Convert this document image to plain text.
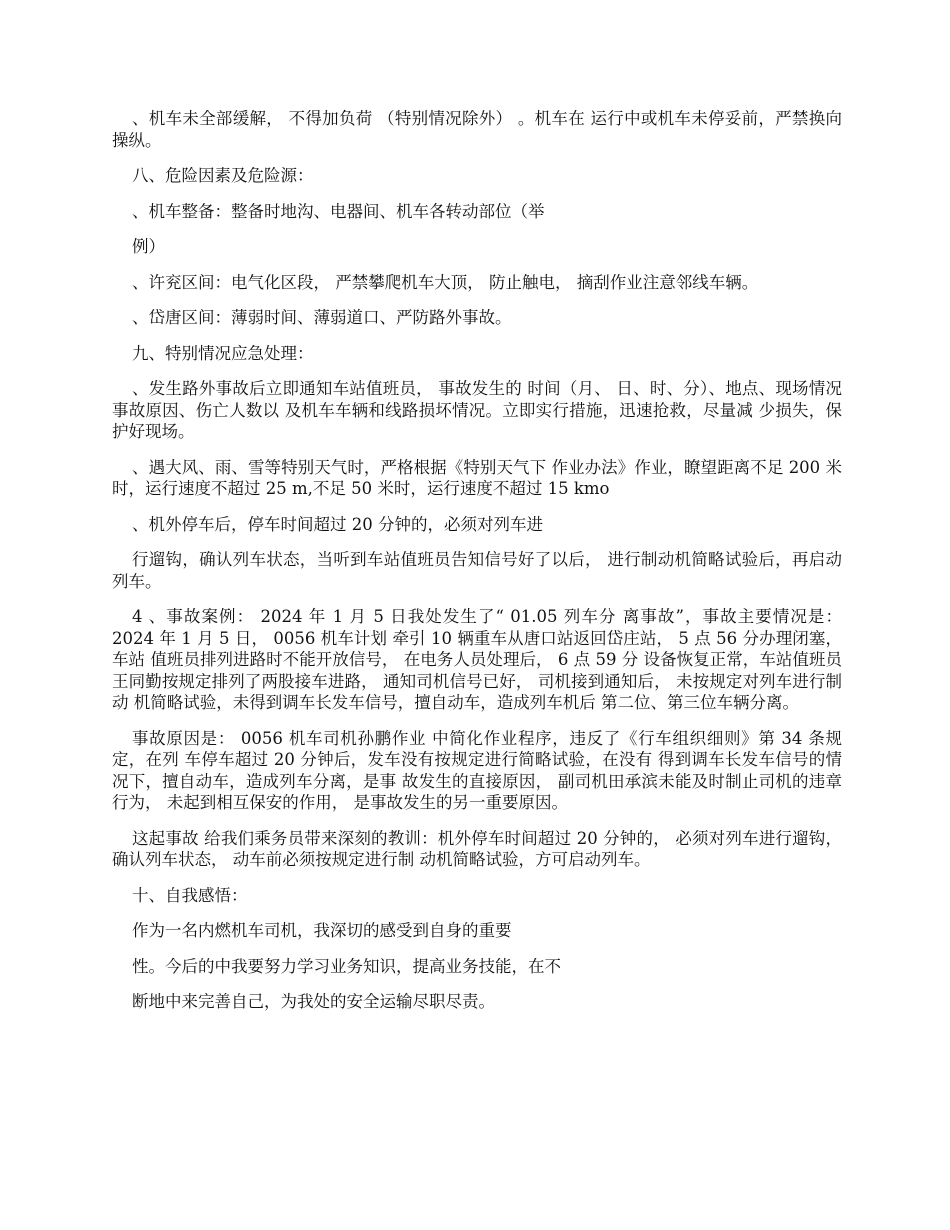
、机车未全部缓解， 不得加负荷 （特别情况除外） 。机车在 运行中或机车未停妥前，严禁换向操纵。

八、危险因素及危险源：

、机车整备：整备时地沟、电器间、机车各转动部位（举

例）

、许兖区间：电气化区段， 严禁攀爬机车大顶， 防止触电， 摘刮作业注意邻线车辆。

、岱唐区间：薄弱时间、薄弱道口、严防路外事故。

九、特别情况应急处理：

、发生路外事故后立即通知车站值班员， 事故发生的 时间（月、 日、时、分）、地点、现场情况事故原因、伤亡人数以 及机车车辆和线路损坏情况。立即实行措施，迅速抢救，尽量减 少损失，保护好现场。

、遇大风、雨、雪等特别天气时，严格根据《特别天气下 作业办法》作业，瞭望距离不足 200 米时，运行速度不超过 25 m,不足 50 米时，运行速度不超过 15 kmo

、机外停车后，停车时间超过 20 分钟的，必须对列车进

行遛钩，确认列车状态，当听到车站值班员告知信号好了以后， 进行制动机简略试验后，再启动列车。

4 、事故案例： 2024 年 1 月 5 日我处发生了“ 01.05 列车分 离事故”，事故主要情况是： 2024 年 1 月 5 日， 0056 机车计划 牵引 10 辆重车从唐口站返回岱庄站， 5 点 56 分办理闭塞，车站 值班员排列进路时不能开放信号， 在电务人员处理后， 6 点 59 分 设备恢复正常，车站值班员王同勤按规定排列了两股接车进路， 通知司机信号已好， 司机接到通知后， 未按规定对列车进行制动 机简略试验，未得到调车长发车信号，擅自动车，造成列车机后 第二位、第三位车辆分离。

事故原因是： 0056 机车司机孙鹏作业 中简化作业程序，违反了《行车组织细则》第 34 条规定，在列 车停车超过 20 分钟后，发车没有按规定进行简略试验，在没有 得到调车长发车信号的情况下，擅自动车，造成列车分离，是事 故发生的直接原因， 副司机田承滨未能及时制止司机的违章行为， 未起到相互保安的作用， 是事故发生的另一重要原因。

这起事故 给我们乘务员带来深刻的教训：机外停车时间超过 20 分钟的， 必须对列车进行遛钩， 确认列车状态， 动车前必须按规定进行制 动机简略试验，方可启动列车。

十、自我感悟：

作为一名内燃机车司机，我深切的感受到自身的重要

性。今后的中我要努力学习业务知识，提高业务技能，在不

断地中来完善自己，为我处的安全运输尽职尽责。
